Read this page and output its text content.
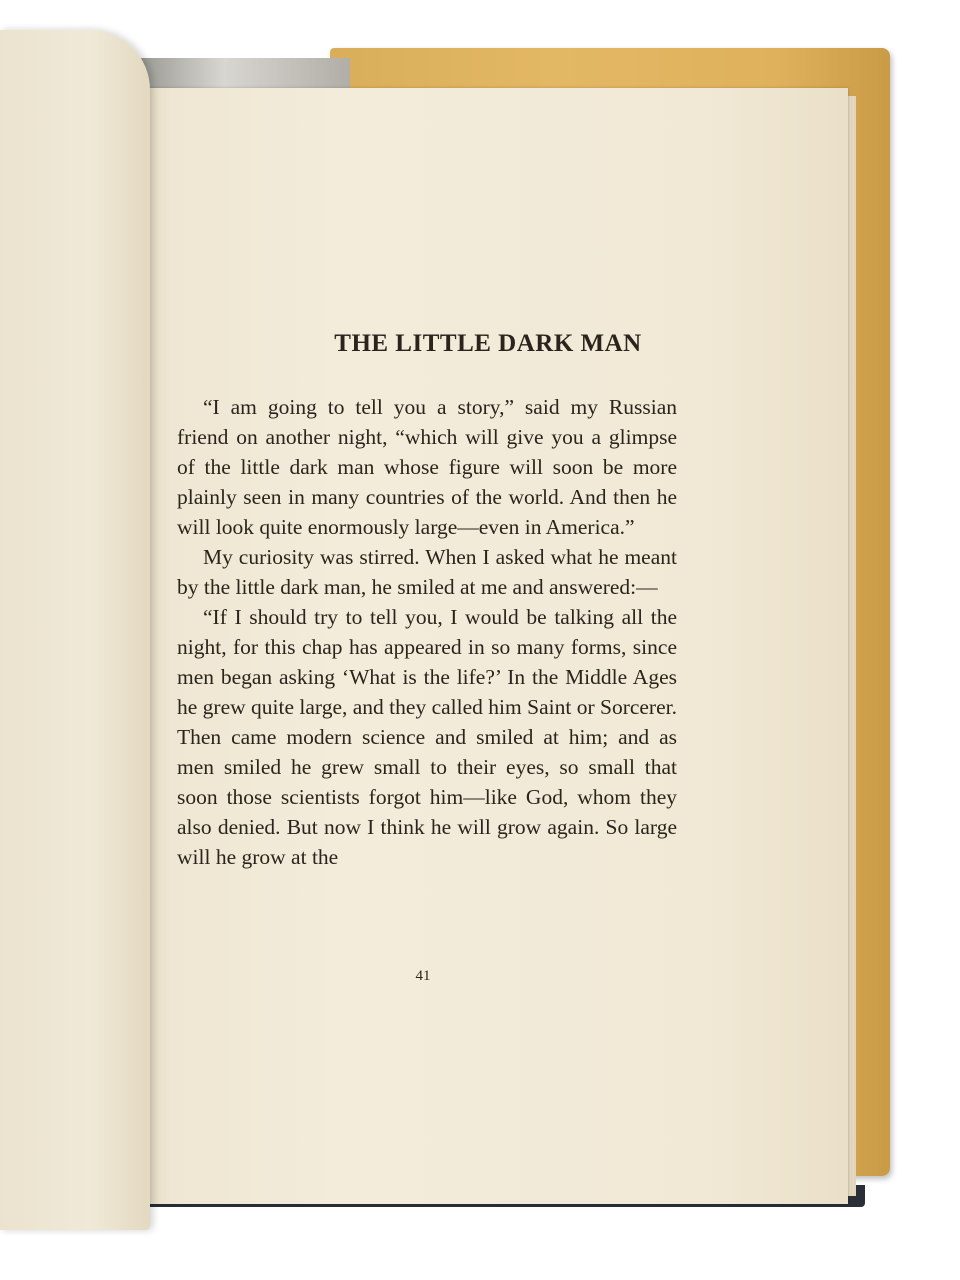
THE LITTLE DARK MAN

“I am going to tell you a story,” said my Russian friend on another night, “which will give you a glimpse of the little dark man whose figure will soon be more plainly seen in many countries of the world. And then he will look quite enormously large—even in America.”

My curiosity was stirred. When I asked what he meant by the little dark man, he smiled at me and answered:—

“If I should try to tell you, I would be talking all the night, for this chap has appeared in so many forms, since men began asking ‘What is the life?’ In the Middle Ages he grew quite large, and they called him Saint or Sorcerer. Then came modern science and smiled at him; and as men smiled he grew small to their eyes, so small that soon those scientists forgot him—like God, whom they also denied. But now I think he will grow again. So large will he grow at the

41
